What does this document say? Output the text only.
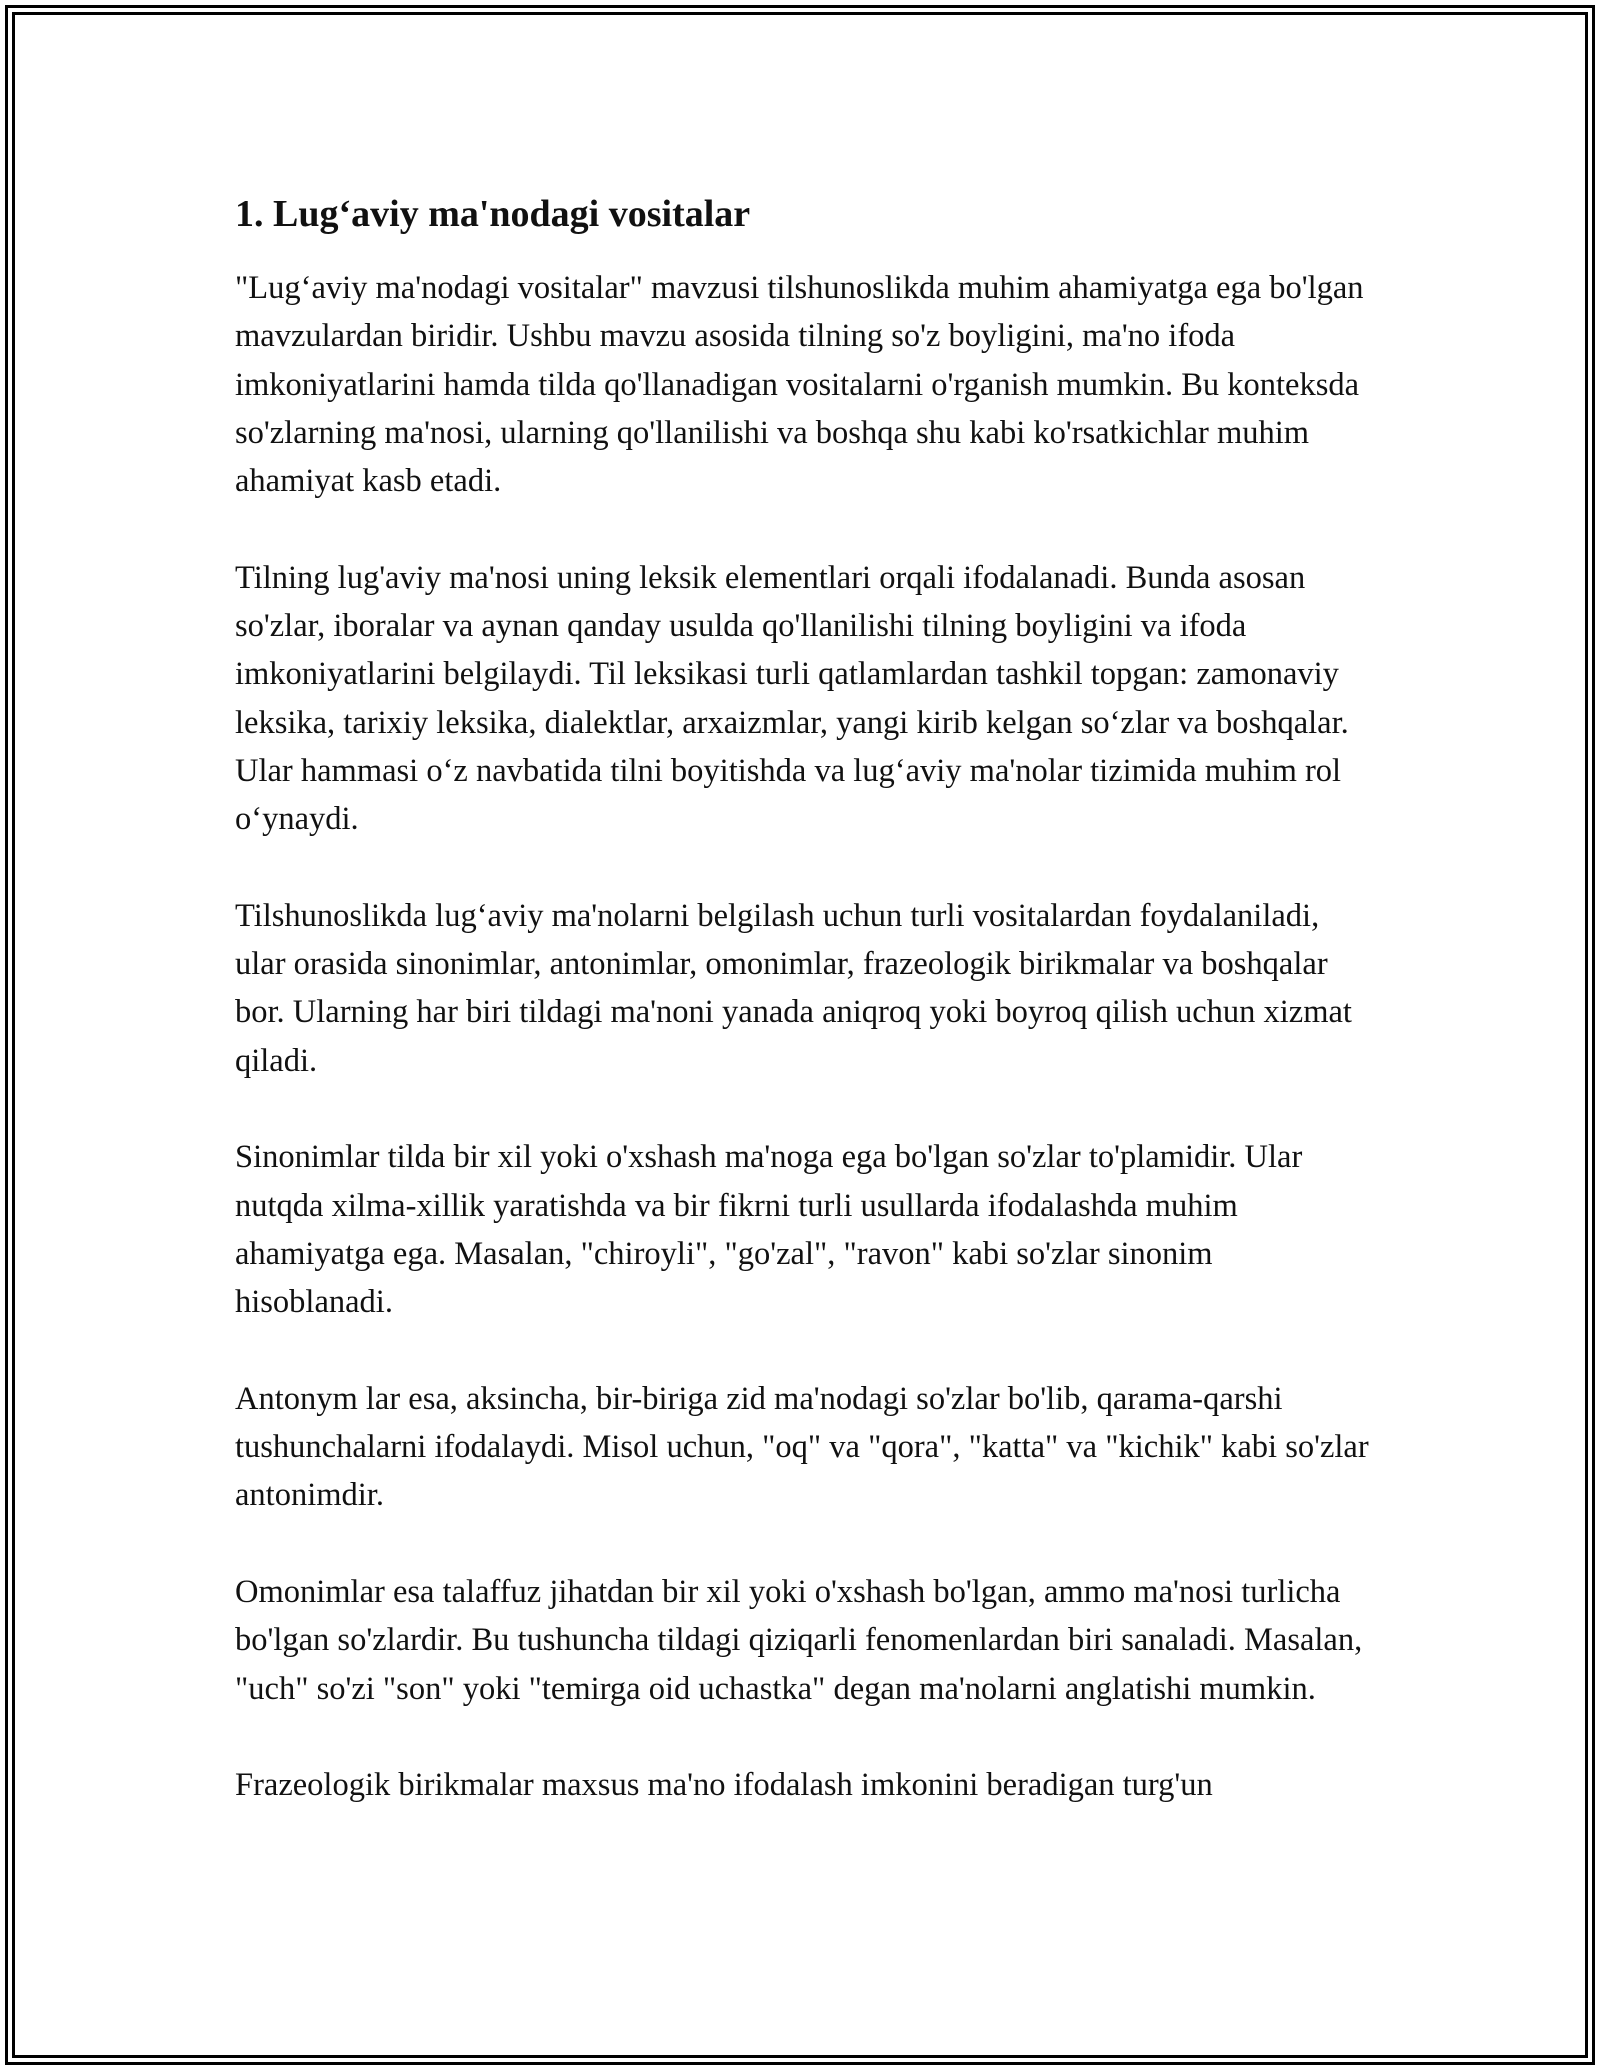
1. Lug‘aviy ma'nodagi vositalar

"Lug‘aviy ma'nodagi vositalar" mavzusi tilshunoslikda muhim ahamiyatga ega bo'lgan mavzulardan biridir. Ushbu mavzu asosida tilning so'z boyligini, ma'no ifoda imkoniyatlarini hamda tilda qo'llanadigan vositalarni o'rganish mumkin. Bu konteksda so'zlarning ma'nosi, ularning qo'llanilishi va boshqa shu kabi ko'rsatkichlar muhim ahamiyat kasb etadi.

Tilning lug'aviy ma'nosi uning leksik elementlari orqali ifodalanadi. Bunda asosan so'zlar, iboralar va aynan qanday usulda qo'llanilishi tilning boyligini va ifoda imkoniyatlarini belgilaydi. Til leksikasi turli qatlamlardan tashkil topgan: zamonaviy leksika, tarixiy leksika, dialektlar, arxaizmlar, yangi kirib kelgan so‘zlar va boshqalar. Ular hammasi o‘z navbatida tilni boyitishda va lug‘aviy ma'nolar tizimida muhim rol o‘ynaydi.

Tilshunoslikda lug‘aviy ma'nolarni belgilash uchun turli vositalardan foydalaniladi, ular orasida sinonimlar, antonimlar, omonimlar, frazeologik birikmalar va boshqalar bor. Ularning har biri tildagi ma'noni yanada aniqroq yoki boyroq qilish uchun xizmat qiladi.

Sinonimlar tilda bir xil yoki o'xshash ma'noga ega bo'lgan so'zlar to'plamidir. Ular nutqda xilma-xillik yaratishda va bir fikrni turli usullarda ifodalashda muhim ahamiyatga ega. Masalan, "chiroyli", "go'zal", "ravon" kabi so'zlar sinonim hisoblanadi.

Antonym lar esa, aksincha, bir-biriga zid ma'nodagi so'zlar bo'lib, qarama-qarshi tushunchalarni ifodalaydi. Misol uchun, "oq" va "qora", "katta" va "kichik" kabi so'zlar antonimdir.

Omonimlar esa talaffuz jihatdan bir xil yoki o'xshash bo'lgan, ammo ma'nosi turlicha bo'lgan so'zlardir. Bu tushuncha tildagi qiziqarli fenomenlardan biri sanaladi. Masalan, "uch" so'zi "son" yoki "temirga oid uchastka" degan ma'nolarni anglatishi mumkin.

Frazeologik birikmalar maxsus ma'no ifodalash imkonini beradigan turg'un
